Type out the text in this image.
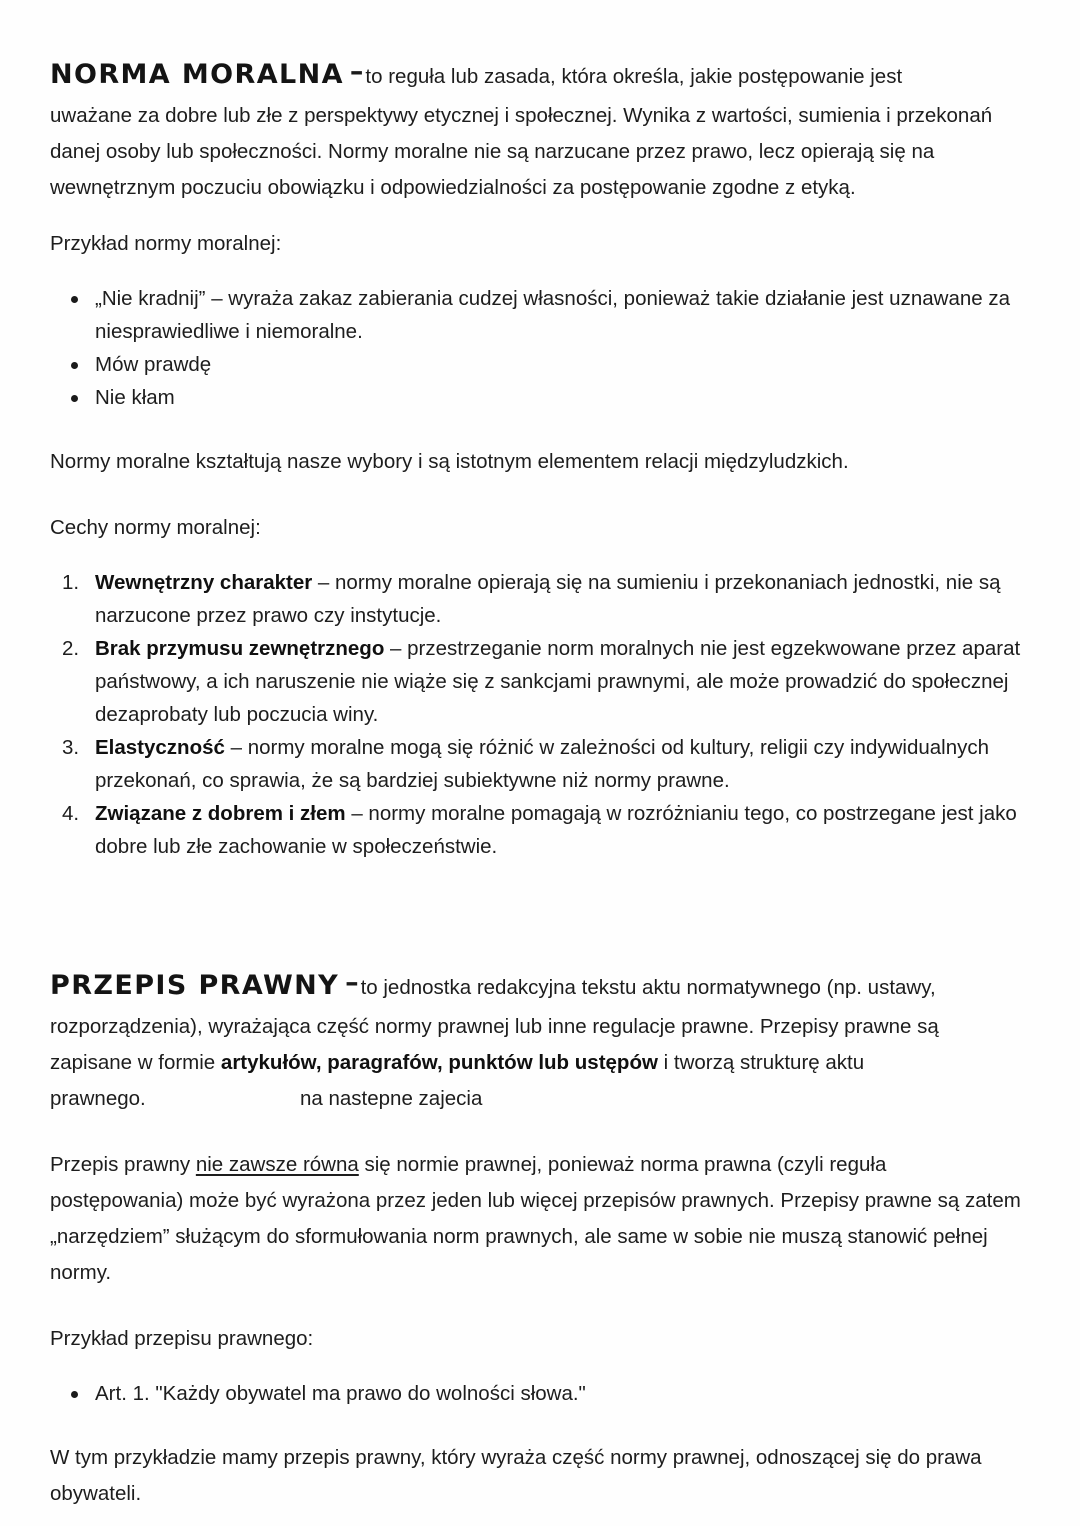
NORMA MORALNA –to reguła lub zasada, która określa, jakie postępowanie jest

uważane za dobre lub złe z perspektywy etycznej i społecznej. Wynika z wartości, sumienia i przekonań danej osoby lub społeczności. Normy moralne nie są narzucane przez prawo, lecz opierają się na wewnętrznym poczuciu obowiązku i odpowiedzialności za postępowanie zgodne z etyką.

Przykład normy moralnej:

„Nie kradnij” – wyraża zakaz zabierania cudzej własności, ponieważ takie działanie jest uznawane za niesprawiedliwe i niemoralne.
Mów prawdę
Nie kłam

Normy moralne kształtują nasze wybory i są istotnym elementem relacji międzyludzkich.

Cechy normy moralnej:

Wewnętrzny charakter – normy moralne opierają się na sumieniu i przekonaniach jednostki, nie są narzucone przez prawo czy instytucje.
Brak przymusu zewnętrznego – przestrzeganie norm moralnych nie jest egzekwowane przez aparat państwowy, a ich naruszenie nie wiąże się z sankcjami prawnymi, ale może prowadzić do społecznej dezaprobaty lub poczucia winy.
Elastyczność – normy moralne mogą się różnić w zależności od kultury, religii czy indywidualnych przekonań, co sprawia, że są bardziej subiektywne niż normy prawne.
Związane z dobrem i złem – normy moralne pomagają w rozróżnianiu tego, co postrzegane jest jako dobre lub złe zachowanie w społeczeństwie.
PRZEPIS PRAWNY –to jednostka redakcyjna tekstu aktu normatywnego (np. ustawy,

rozporządzenia), wyrażająca część normy prawnej lub inne regulacje prawne. Przepisy prawne są zapisane w formie artykułów, paragrafów, punktów lub ustępów i tworzą strukturę aktu

prawnego.	na nastepne zajecia

Przepis prawny nie zawsze równa się normie prawnej, ponieważ norma prawna (czyli reguła postępowania) może być wyrażona przez jeden lub więcej przepisów prawnych. Przepisy prawne są zatem „narzędziem” służącym do sformułowania norm prawnych, ale same w sobie nie muszą stanowić pełnej normy.

Przykład przepisu prawnego:

Art. 1. "Każdy obywatel ma prawo do wolności słowa."

W tym przykładzie mamy przepis prawny, który wyraża część normy prawnej, odnoszącej się do prawa obywateli.
